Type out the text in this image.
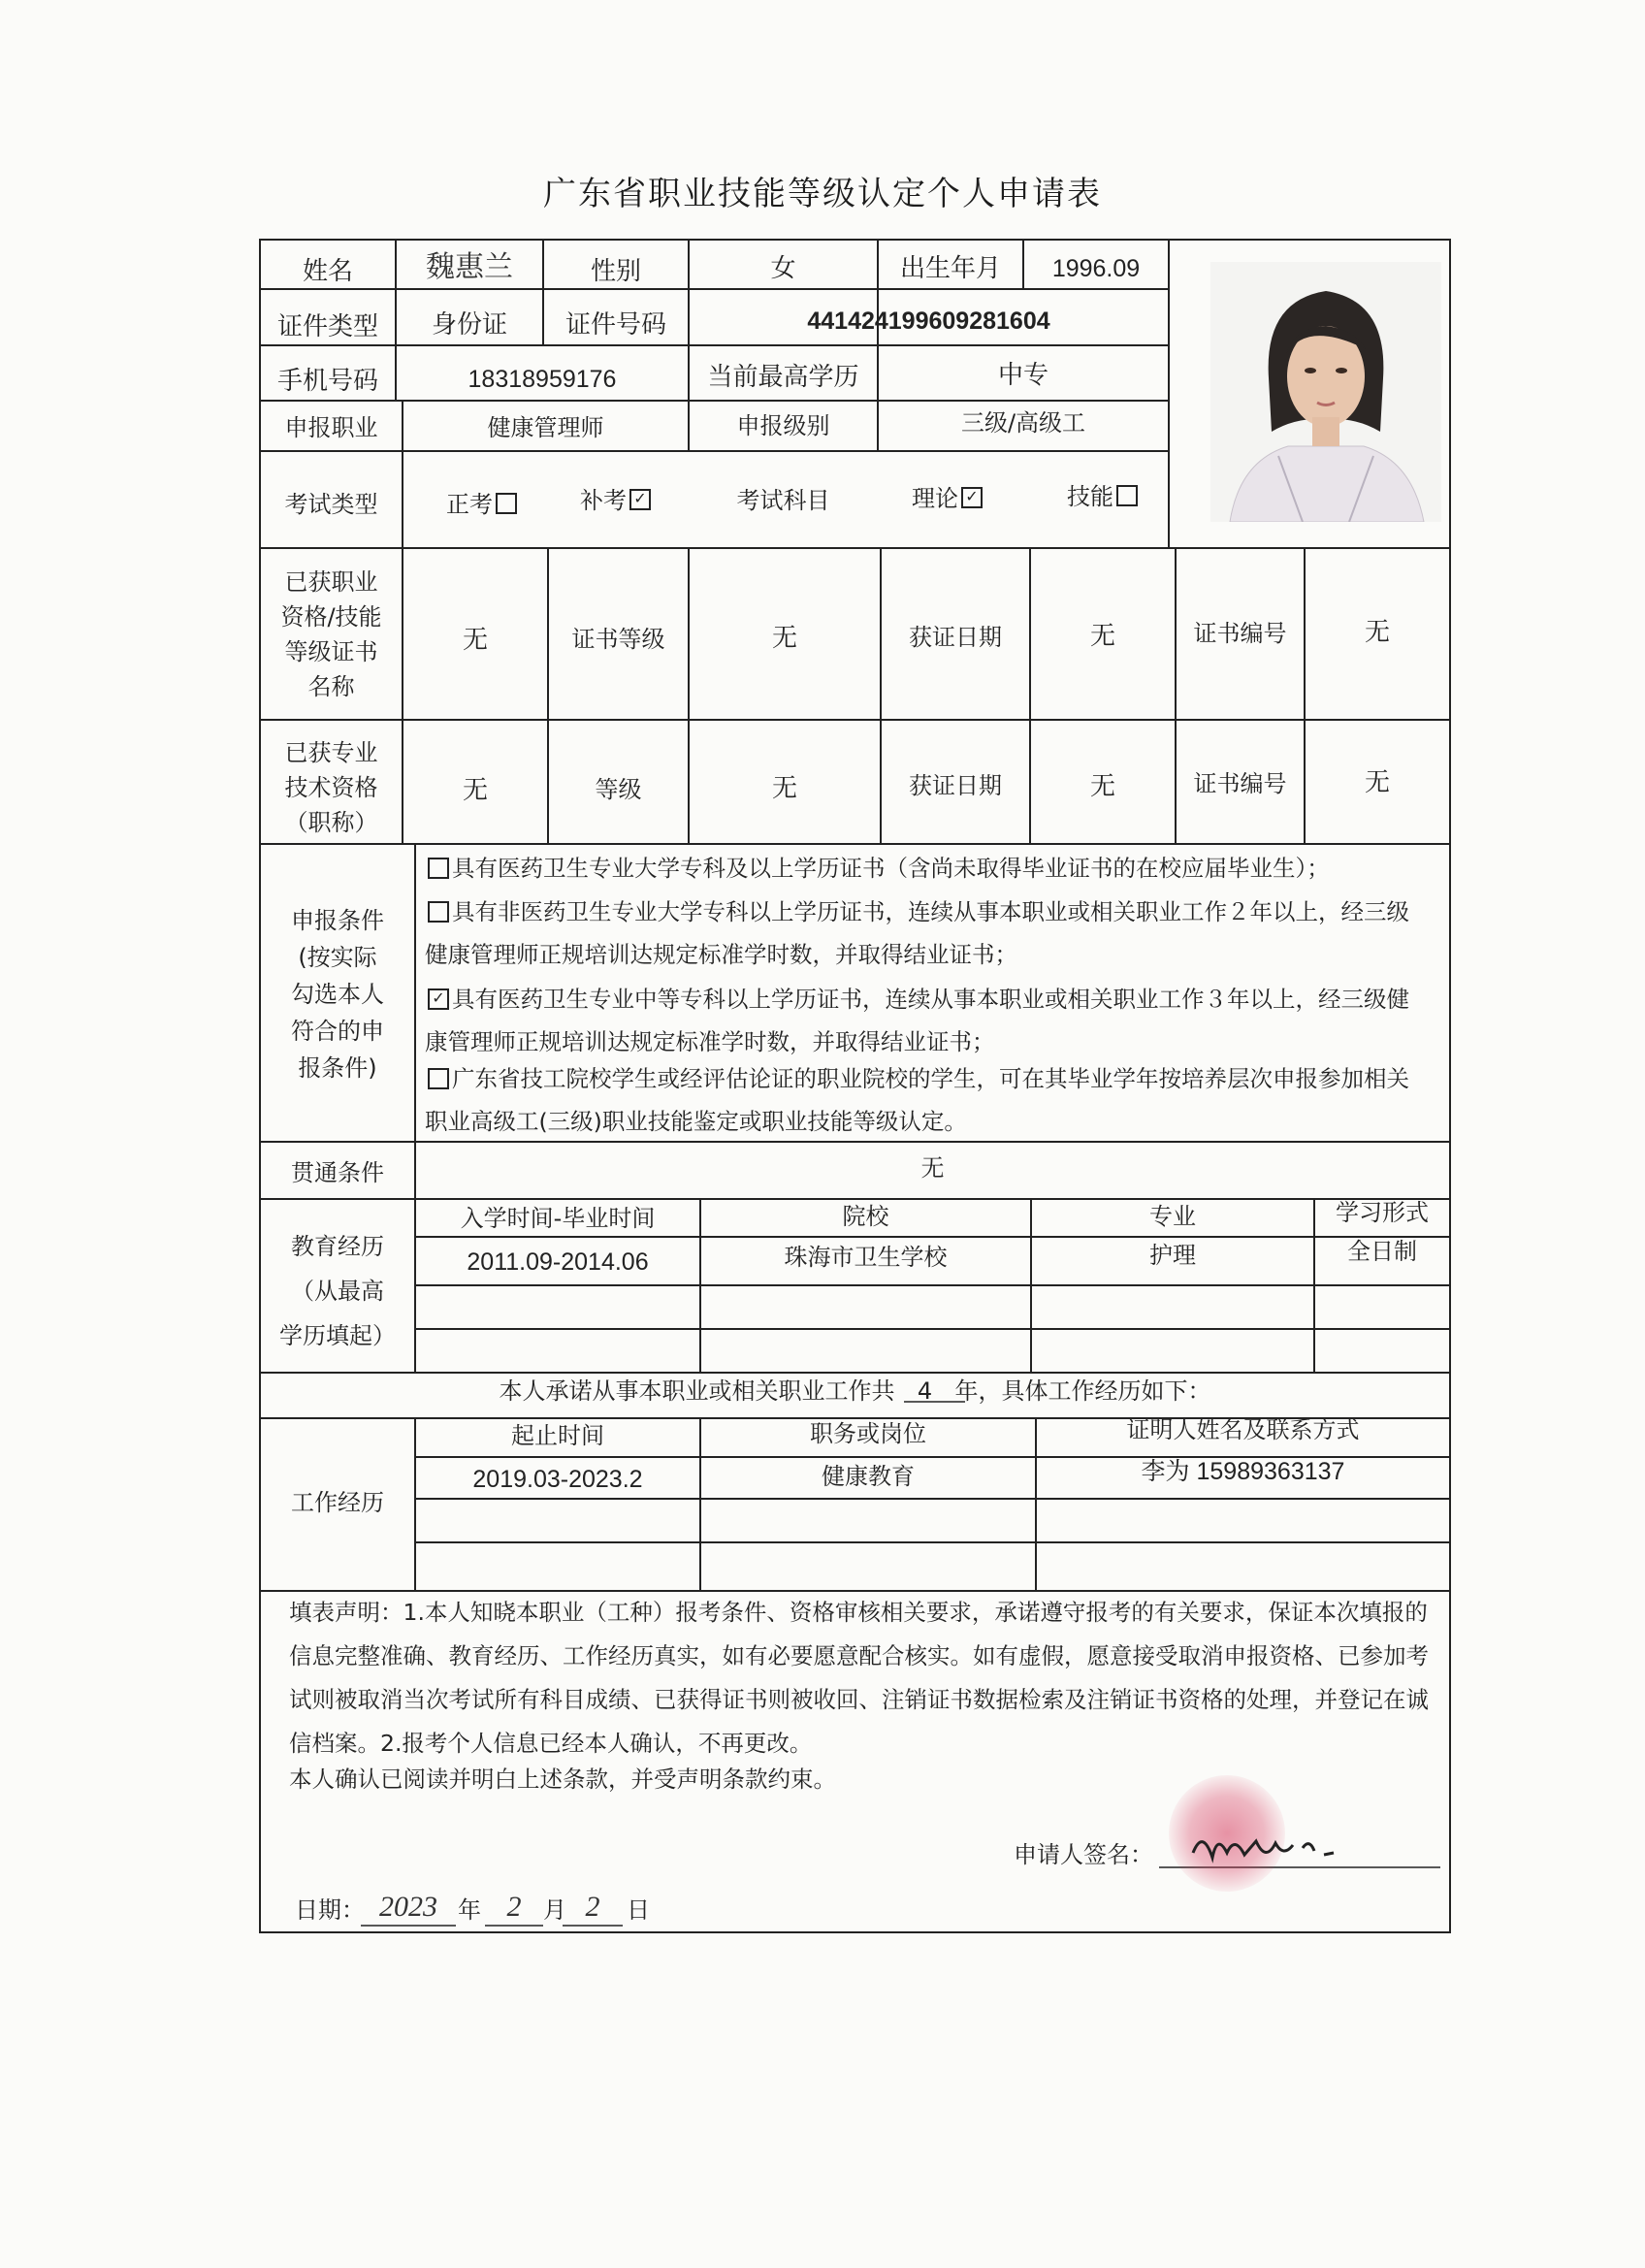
广东省职业技能等级认定个人申请表
姓名	魏惠兰	性别	女	出生年月	1996.09
证件类型	身份证	证件号码	441424199609281604
手机号码	18318959176	当前最高学历	中专
申报职业	健康管理师	申报级别	三级/高级工
考试类型	正考	补考 ✓	考试科目	理论 ✓	技能
已获职业
资格/技能
等级证书
名称
无	证书等级	无	获证日期	无	证书编号	无
已获专业
技术资格
（职称）
无	等级	无	获证日期	无	证书编号	无
申报条件
(按实际
勾选本人
符合的申
报条件)
具有医药卫生专业大学专科及以上学历证书（含尚未取得毕业证书的在校应届毕业生）；
具有非医药卫生专业大学专科以上学历证书，连续从事本职业或相关职业工作２年以上，经三级健康管理师正规培训达规定标准学时数，并取得结业证书；
✓ 具有医药卫生专业中等专科以上学历证书，连续从事本职业或相关职业工作３年以上，经三级健康管理师正规培训达规定标准学时数，并取得结业证书；
广东省技工院校学生或经评估论证的职业院校的学生，可在其毕业学年按培养层次申报参加相关职业高级工(三级)职业技能鉴定或职业技能等级认定。
贯通条件	无
教育经历
（从最高
学历填起）
入学时间-毕业时间	院校	专业	学习形式
2011.09-2014.06	珠海市卫生学校	护理	全日制
本人承诺从事本职业或相关职业工作共 4 年，具体工作经历如下：
工作经历
起止时间	职务或岗位	证明人姓名及联系方式
2019.03-2023.2	健康教育	李为 15989363137
填表声明：1.本人知晓本职业（工种）报考条件、资格审核相关要求，承诺遵守报考的有关要求，保证本次填报的信息完整准确、教育经历、工作经历真实，如有必要愿意配合核实。如有虚假，愿意接受取消申报资格、已参加考试则被取消当次考试所有科目成绩、已获得证书则被收回、注销证书数据检索及注销证书资格的处理，并登记在诚信档案。2.报考个人信息已经本人确认，不再更改。
本人确认已阅读并明白上述条款，并受声明条款约束。
申请人签名：
日期： 2023 年 2 月 2	日
